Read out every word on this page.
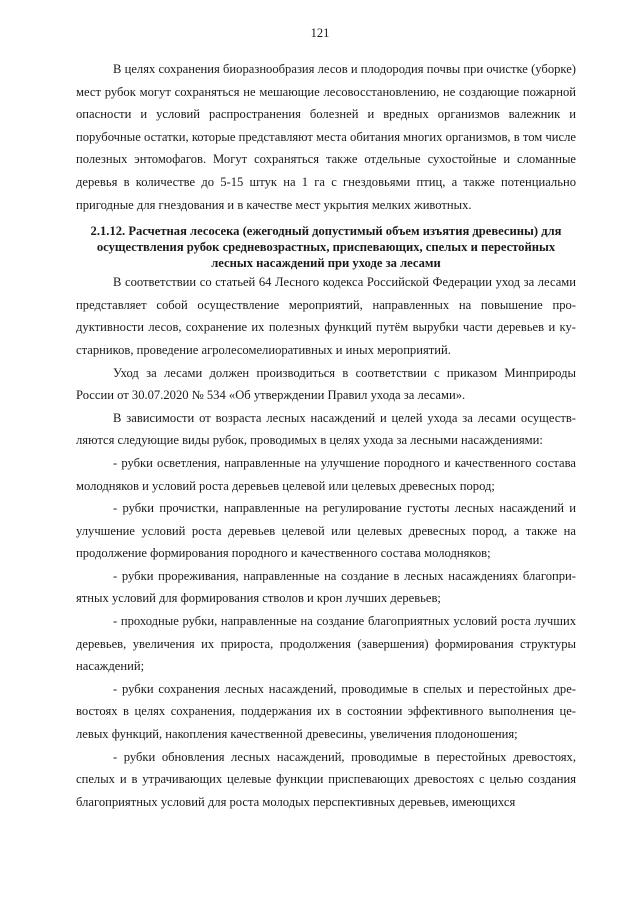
121

В целях сохранения биоразнообразия лесов и плодородия почвы при очистке (уборке) мест рубок могут сохраняться не мешающие лесовосстановлению, не создающие пожарной опасности и условий распространения болезней и вредных организмов валежник и порубочные остатки, которые представляют места обитания многих организмов, в том числе полезных энтомофагов. Могут сохраняться также отдельные сухостойные и сломанные деревья в количестве до 5-15 штук на 1 га с гнездовьями птиц, а также потенциально пригодные для гнездования и в качестве мест укрытия мелких животных.

2.1.12. Расчетная лесосека (ежегодный допустимый объем изъятия древесины) для осуществления рубок средневозрастных, приспевающих, спелых и перестойных лесных насаждений при уходе за лесами

В соответствии со статьей 64 Лесного кодекса Российской Федерации уход за лесами представляет собой осуществление мероприятий, направленных на повышение продуктивности лесов, сохранение их полезных функций путём вырубки части деревьев и кустарников, проведение агролесомелиоративных и иных мероприятий.

Уход за лесами должен производиться в соответствии с приказом Минприроды России от 30.07.2020 № 534 «Об утверждении Правил ухода за лесами».

В зависимости от возраста лесных насаждений и целей ухода за лесами осуществляются следующие виды рубок, проводимых в целях ухода за лесными насаждениями:

- рубки осветления, направленные на улучшение породного и качественного состава молодняков и условий роста деревьев целевой или целевых древесных пород;

- рубки прочистки, направленные на регулирование густоты лесных насаждений и улучшение условий роста деревьев целевой или целевых древесных пород, а также на продолжение формирования породного и качественного состава молодняков;

- рубки прореживания, направленные на создание в лесных насаждениях благоприятных условий для формирования стволов и крон лучших деревьев;

- проходные рубки, направленные на создание благоприятных условий роста лучших деревьев, увеличения их прироста, продолжения (завершения) формирования структуры насаждений;

- рубки сохранения лесных насаждений, проводимые в спелых и перестойных древостоях в целях сохранения, поддержания их в состоянии эффективного выполнения целевых функций, накопления качественной древесины, увеличения плодоношения;

- рубки обновления лесных насаждений, проводимые в перестойных древостоях, спелых и в утрачивающих целевые функции приспевающих древостоях с целью создания благоприятных условий для роста молодых перспективных деревьев, имеющихся
